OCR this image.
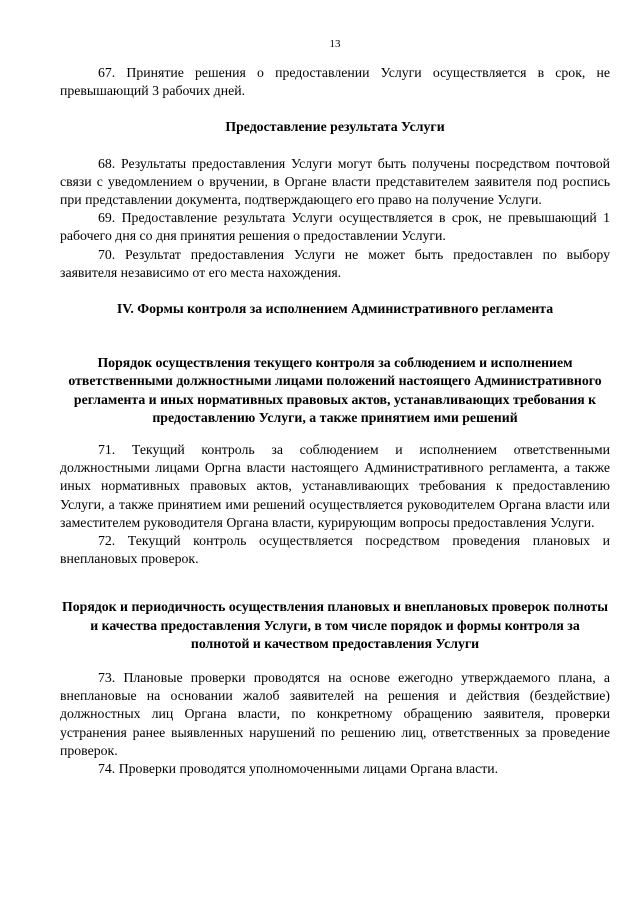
13

67. Принятие решения о предоставлении Услуги осуществляется в срок, не превышающий 3 рабочих дней.

Предоставление результата Услуги

68. Результаты предоставления Услуги могут быть получены посредством почтовой связи с уведомлением о вручении, в Органе власти представителем заявителя под роспись при представлении документа, подтверждающего его право на получение Услуги.

69. Предоставление результата Услуги осуществляется в срок, не превышающий 1 рабочего дня со дня принятия решения о предоставлении Услуги.

70. Результат предоставления Услуги не может быть предоставлен по выбору заявителя независимо от его места нахождения.

IV. Формы контроля за исполнением Административного регламента
Порядок осуществления текущего контроля за соблюдением и исполнением ответственными должностными лицами положений настоящего Административного регламента и иных нормативных правовых актов, устанавливающих требования к предоставлению Услуги, а также принятием ими решений

71. Текущий контроль за соблюдением и исполнением ответственными должностными лицами Оргна власти настоящего Административного регламента, а также иных нормативных правовых актов, устанавливающих требования к предоставлению Услуги, а также принятием ими решений осуществляется руководителем Органа власти или заместителем руководителя Органа власти, курирующим вопросы предоставления Услуги.

72. Текущий контроль осуществляется посредством проведения плановых и внеплановых проверок.

Порядок и периодичность осуществления плановых и внеплановых проверок полноты и качества предоставления Услуги, в том числе порядок и формы контроля за полнотой и качеством предоставления Услуги

73. Плановые проверки проводятся на основе ежегодно утверждаемого плана, а внеплановые на основании жалоб заявителей на решения и действия (бездействие) должностных лиц Органа власти, по конкретному обращению заявителя, проверки устранения ранее выявленных нарушений по решению лиц, ответственных за проведение проверок.

74. Проверки проводятся уполномоченными лицами Органа власти.
